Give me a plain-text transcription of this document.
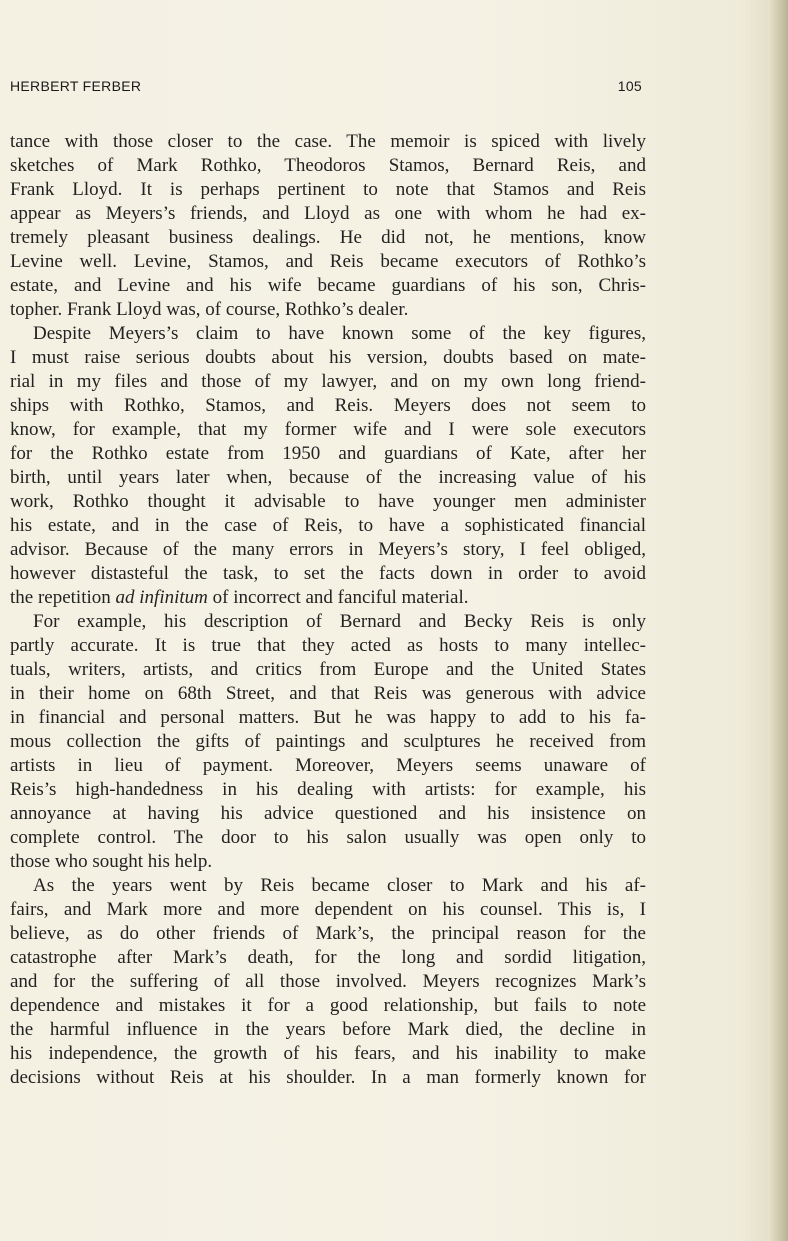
HERBERT FERBER	105
tance with those closer to the case. The memoir is spiced with lively
sketches of Mark Rothko, Theodoros Stamos, Bernard Reis, and
Frank Lloyd. It is perhaps pertinent to note that Stamos and Reis
appear as Meyers’s friends, and Lloyd as one with whom he had ex-
tremely pleasant business dealings. He did not, he mentions, know
Levine well. Levine, Stamos, and Reis became executors of Rothko’s
estate, and Levine and his wife became guardians of his son, Chris-
topher. Frank Lloyd was, of course, Rothko’s dealer.
Despite Meyers’s claim to have known some of the key figures,
I must raise serious doubts about his version, doubts based on mate-
rial in my files and those of my lawyer, and on my own long friend-
ships with Rothko, Stamos, and Reis. Meyers does not seem to
know, for example, that my former wife and I were sole executors
for the Rothko estate from 1950 and guardians of Kate, after her
birth, until years later when, because of the increasing value of his
work, Rothko thought it advisable to have younger men administer
his estate, and in the case of Reis, to have a sophisticated financial
advisor. Because of the many errors in Meyers’s story, I feel obliged,
however distasteful the task, to set the facts down in order to avoid
the repetition ad infinitum of incorrect and fanciful material.
For example, his description of Bernard and Becky Reis is only
partly accurate. It is true that they acted as hosts to many intellec-
tuals, writers, artists, and critics from Europe and the United States
in their home on 68th Street, and that Reis was generous with advice
in financial and personal matters. But he was happy to add to his fa-
mous collection the gifts of paintings and sculptures he received from
artists in lieu of payment. Moreover, Meyers seems unaware of
Reis’s high-handedness in his dealing with artists: for example, his
annoyance at having his advice questioned and his insistence on
complete control. The door to his salon usually was open only to
those who sought his help.
As the years went by Reis became closer to Mark and his af-
fairs, and Mark more and more dependent on his counsel. This is, I
believe, as do other friends of Mark’s, the principal reason for the
catastrophe after Mark’s death, for the long and sordid litigation,
and for the suffering of all those involved. Meyers recognizes Mark’s
dependence and mistakes it for a good relationship, but fails to note
the harmful influence in the years before Mark died, the decline in
his independence, the growth of his fears, and his inability to make
decisions without Reis at his shoulder. In a man formerly known for
